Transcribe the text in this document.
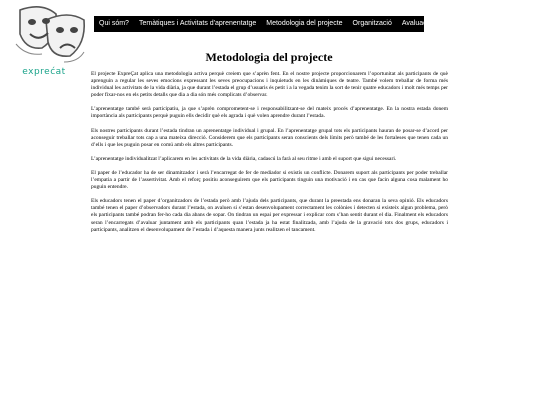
exprećat
Qui sóm?	Temàtiques i Activitats d'aprenentatge	Metodologia del projecte	Organització	Avaluació
Metodologia del projecte

El projecte ExpreÇat aplica una metodologia activa perquè creiem que s’aprèn fent. En el nostre projecte proporcionarem l’oportunitat als participants de què aprenguin a regular les seves emocions expressant les seves preocupacions i inquietuds en les dinàmiques de teatre. També volem treballar de forma més individual les activitats de la vida diària, ja que durant l’estada el grup d’usuaris és petit i a la vegada tenim la sort de tenir quatre educadors i molt més temps per poder fixar-nos en els petits detalls que dia a dia són més complicats d’observar.

L’aprenentatge també serà participatiu, ja que s’aprèn comprometent-se i responsabilitzant-se del mateix procés d’aprenentatge. En la nostra estada donem importància als participants perquè puguin ells decidir què els agrada i què volen aprendre durant l’estada.

Els nostres participants durant l’estada tindran un aprenentatge individual i grupal. En l’aprenentatge grupal tots els participants hauran de posar-se d’acord per aconseguir treballar tots cap a una mateixa direcció. Considerem que els participants seran conscients dels límits però també de les fortaleses que tenen cada un d’ells i que les puguin posar en comú amb els altres participants.

L’aprenentatge individualitzat l’aplicarem en les activitats de la vida diària, cadascú la farà al seu ritme i amb el suport que sigui necessari.

El paper de l’educador ha de ser dinamitzador i serà l’encarregat de fer de mediador si existís un conflicte. Donarem suport als participants per poder treballar l’empatia a partir de l’assertivitat. Amb el reforç positiu aconseguirem que els participants tinguin una motivació i en cas que facin alguna cosa malament ho puguin entendre.

Els educadors tenen el paper d’organitzadors de l’estada però amb l’ajuda dels participants, que durant la preestada ens donaran la seva opinió. Els educadors també tenen el paper d’observadors durant l’estada, on avaluen si s’estan desenvolupament correctament les colònies i detecten si existeix algun problema, però els participants també podran fer-ho cada dia abans de sopar. On tindran un espai per expressar i explicar com s’han sentit durant el dia. Finalment els educadors seran l’encarregats d’avaluar juntament amb els participants quan l’estada ja ha estat finalitzada, amb l’ajuda de la gravació tots dos grups, educadors i participants, analitzen el desenvolupament de l’estada i d’aquesta manera junts realitzen el tancament.
